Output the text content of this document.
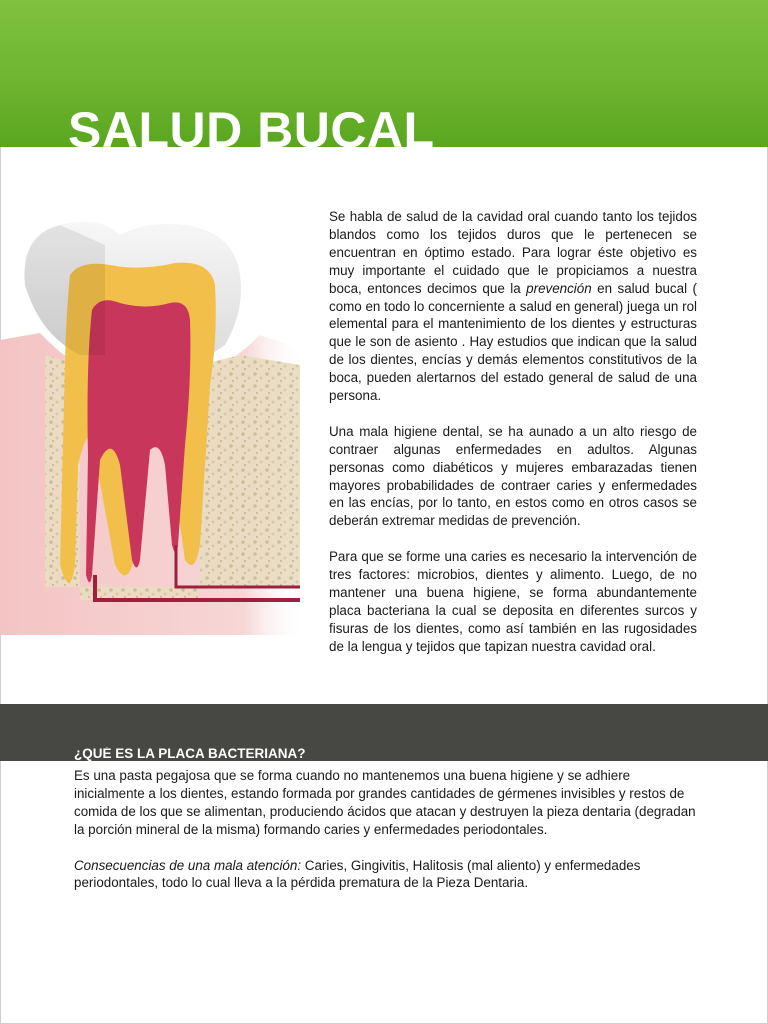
SALUD BUCAL

Se habla de salud de la cavidad oral cuando tanto los tejidos blandos como los tejidos duros que le pertenecen se encuentran en óptimo estado. Para lograr éste objetivo es muy importante el cuidado que le propiciamos a nuestra boca, entonces decimos que la prevención en salud bucal ( como en todo lo concerniente a salud en general) juega un rol elemental para el mantenimiento de los dientes y estructuras que le son de asiento . Hay estudios que indican que la salud de los dientes, encías y demás elementos constitutivos de la boca, pueden alertarnos del estado general de salud de una persona.

Una mala higiene dental, se ha aunado a un alto riesgo de contraer algunas enfermedades en adultos. Algunas personas como diabéticos y mujeres embarazadas tienen mayores probabilidades de contraer caries y enfermedades en las encías, por lo tanto, en estos como en otros casos se deberán extremar medidas de prevención.

Para que se forme una caries es necesario la intervención de tres factores: microbios, dientes y alimento. Luego, de no mantener una buena higiene, se forma abundantemente placa bacteriana la cual se deposita en diferentes surcos y fisuras de los dientes, como así también en las rugosidades de la lengua y tejidos que tapizan nuestra cavidad oral.

¿QUÉ ES LA PLACA BACTERIANA?

Es una pasta pegajosa que se forma cuando no mantenemos una buena higiene y se adhiere inicialmente a los dientes, estando formada por grandes cantidades de gérmenes invisibles y restos de comida de los que se alimentan, produciendo ácidos que atacan y destruyen la pieza dentaria (degradan la porción mineral de la misma) formando caries y enfermedades periodontales.

Consecuencias de una mala atención: Caries, Gingivitis, Halitosis (mal aliento) y enfermedades periodontales, todo lo cual lleva a la pérdida prematura de la Pieza Dentaria.
